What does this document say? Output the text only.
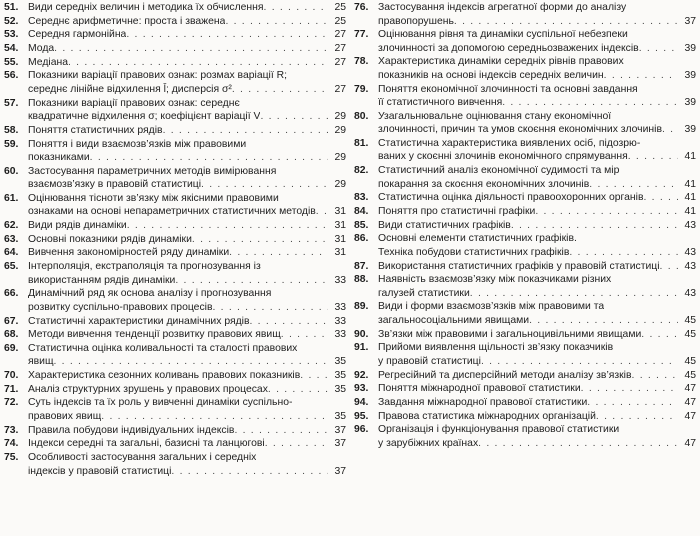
51. Види середніх величин і методика їх обчислення . . .	25
52. Середнє арифметичне: проста і зважена . . .	25
53. Середня гармонійна . . .	27
54. Мода . . .	27
55. Медіана . . .	27
56. Показники варіації правових ознак: розмах варіації R;
середнє лінійне відхилення l̄; дисперсія σ² . . .	27
57. Показники варіації правових ознак: середнє
квадратичне відхилення σ; коефіцієнт варіації V . . .	29
58. Поняття статистичних рядів . . .	29
59. Поняття і види взаємозв’язків між правовими
показниками . . .	29
60. Застосування параметричних методів вимірювання
взаємозв’язку в правовій статистиці . . .	29
61. Оцінювання тісноти зв’язку між якісними правовими
ознаками на основі непараметричних статистичних методів . . .	31
62. Види рядів динаміки . . .	31
63. Основні показники рядів динаміки . . .	31
64. Вивчення закономірностей ряду динаміки . . .	31
65. Інтерполяція, екстраполяція та прогнозування із
використанням рядів динаміки . . .	33
66. Динамічний ряд як основа аналізу і прогнозування
розвитку суспільно-правових процесів . . .	33
67. Статистичні характеристики динамічних рядів . . .	33
68. Методи вивчення тенденції розвитку правових явищ . . .	33
69. Статистична оцінка коливальності та сталості правових
явищ . . .	35
70. Характеристика сезонних коливань правових показників . . .	35
71. Аналіз структурних зрушень у правових процесах . . .	35
72. Суть індексів та їх роль у вивченні динаміки суспільно-
правових явищ . . .	35
73. Правила побудови індивідуальних індексів . . .	37
74. Індекси середні та загальні, базисні та ланцюгові . . .	37
75. Особливості застосування загальних і середніх
індексів у правовій статистиці . . .	37
76. Застосування індексів агрегатної форми до аналізу
правопорушень . . .	37
77. Оцінювання рівня та динаміки суспільної небезпеки
злочинності за допомогою середньозважених індексів . . .	39
78. Характеристика динаміки середніх рівнів правових
показників на основі індексів середніх величин . . .	39
79. Поняття економічної злочинності та основні завдання
її статистичного вивчення . . .	39
80. Узагальнювальне оцінювання стану економічної
злочинності, причин та умов скоєння економічних злочинів . . .	39
81. Статистична характеристика виявлених осіб, підозрю-
ваних у скоєнні злочинів економічного спрямування . . .	41
82. Статистичний аналіз економічної судимості та мір
покарання за скоєння економічних злочинів . . .	41
83. Статистична оцінка діяльності правоохоронних органів . . .	41
84. Поняття про статистичні графіки . . .	41
85. Види статистичних графіків . . .	43
86. Основні елементи статистичних графіків.
Техніка побудови статистичних графіків . . .	43
87. Використання статистичних графіків у правовій статистиці . . .	43
88. Наявність взаємозв’язку між показчиками різних
галузей статистики . . .	43
89. Види і форми взаємозв’язків між правовими та
загальносоціальними явищами . . .	45
90. Зв’язки між правовими і загальноцивільними явищами . . .	45
91. Прийоми виявлення щільності зв’язку показчиків
у правовій статистиці . . .	45
92. Регресійний та дисперсійний методи аналізу зв’язків . . .	45
93. Поняття міжнародної правової статистики . . .	47
94. Завдання міжнародної правової статистики . . .	47
95. Правова статистика міжнародних організацій . . .	47
96. Організація і функціонування правової статистики
у зарубіжних країнах . . .	47
